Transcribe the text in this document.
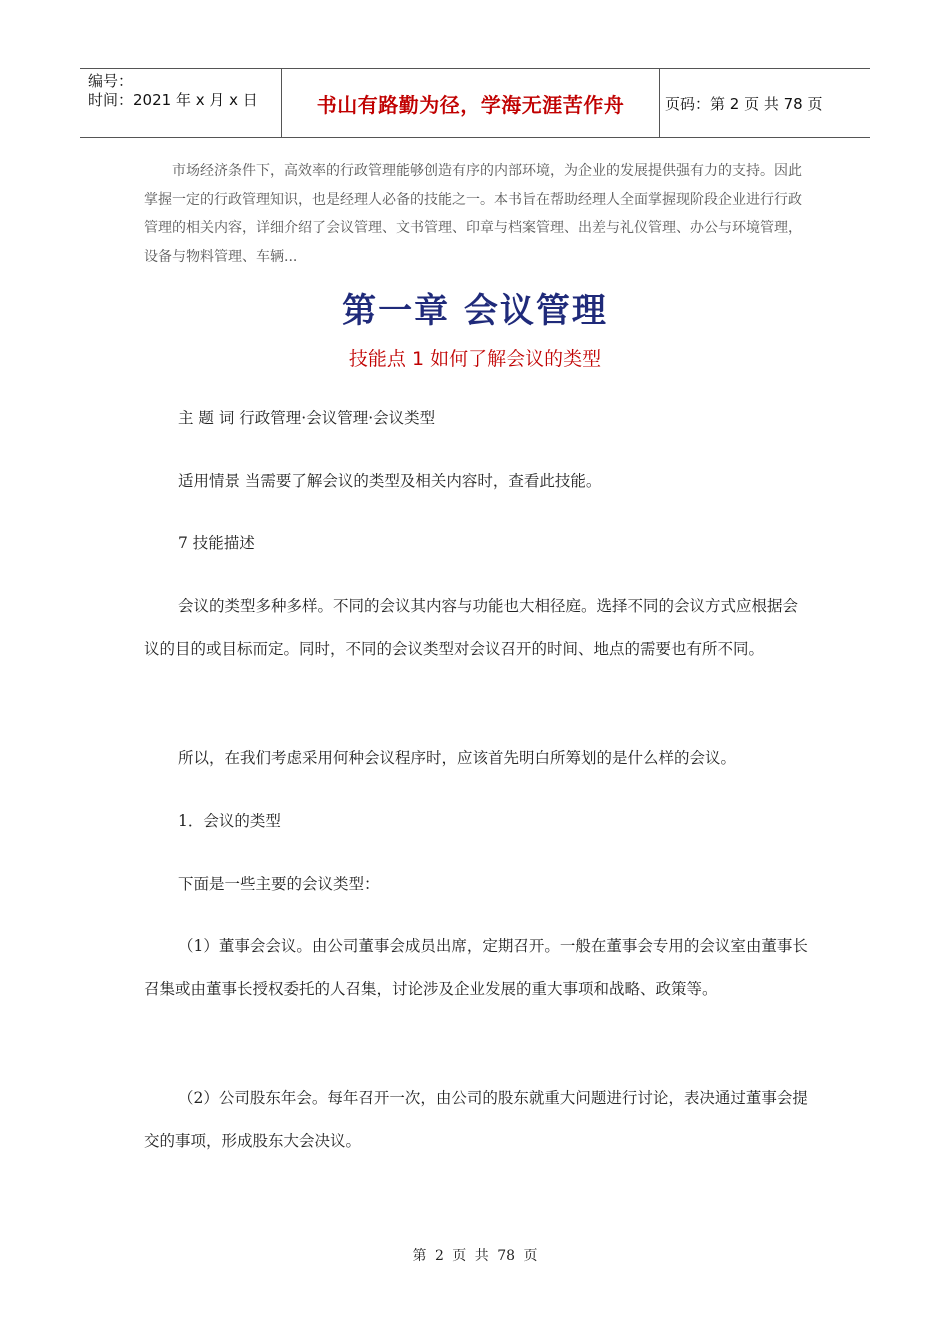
编号：
时间：2021 年 x 月 x 日	书山有路勤为径，学海无涯苦作舟	页码：第 2 页 共 78 页
市场经济条件下，高效率的行政管理能够创造有序的内部环境，为企业的发展提供强有力的支持。因此掌握一定的行政管理知识，也是经理人必备的技能之一。本书旨在帮助经理人全面掌握现阶段企业进行行政管理的相关内容，详细介绍了会议管理、文书管理、印章与档案管理、出差与礼仪管理、办公与环境管理，设备与物料管理、车辆...
第一章 会议管理
技能点 1 如何了解会议的类型
主 题 词 行政管理·会议管理·会议类型
适用情景 当需要了解会议的类型及相关内容时，查看此技能。
7 技能描述
会议的类型多种多样。不同的会议其内容与功能也大相径庭。选择不同的会议方式应根据会议的目的或目标而定。同时，不同的会议类型对会议召开的时间、地点的需要也有所不同。
所以，在我们考虑采用何种会议程序时，应该首先明白所筹划的是什么样的会议。
1．会议的类型
下面是一些主要的会议类型：
（1）董事会会议。由公司董事会成员出席，定期召开。一般在董事会专用的会议室由董事长召集或由董事长授权委托的人召集，讨论涉及企业发展的重大事项和战略、政策等。
（2）公司股东年会。每年召开一次，由公司的股东就重大问题进行讨论，表决通过董事会提交的事项，形成股东大会决议。
第 2 页 共 78 页
